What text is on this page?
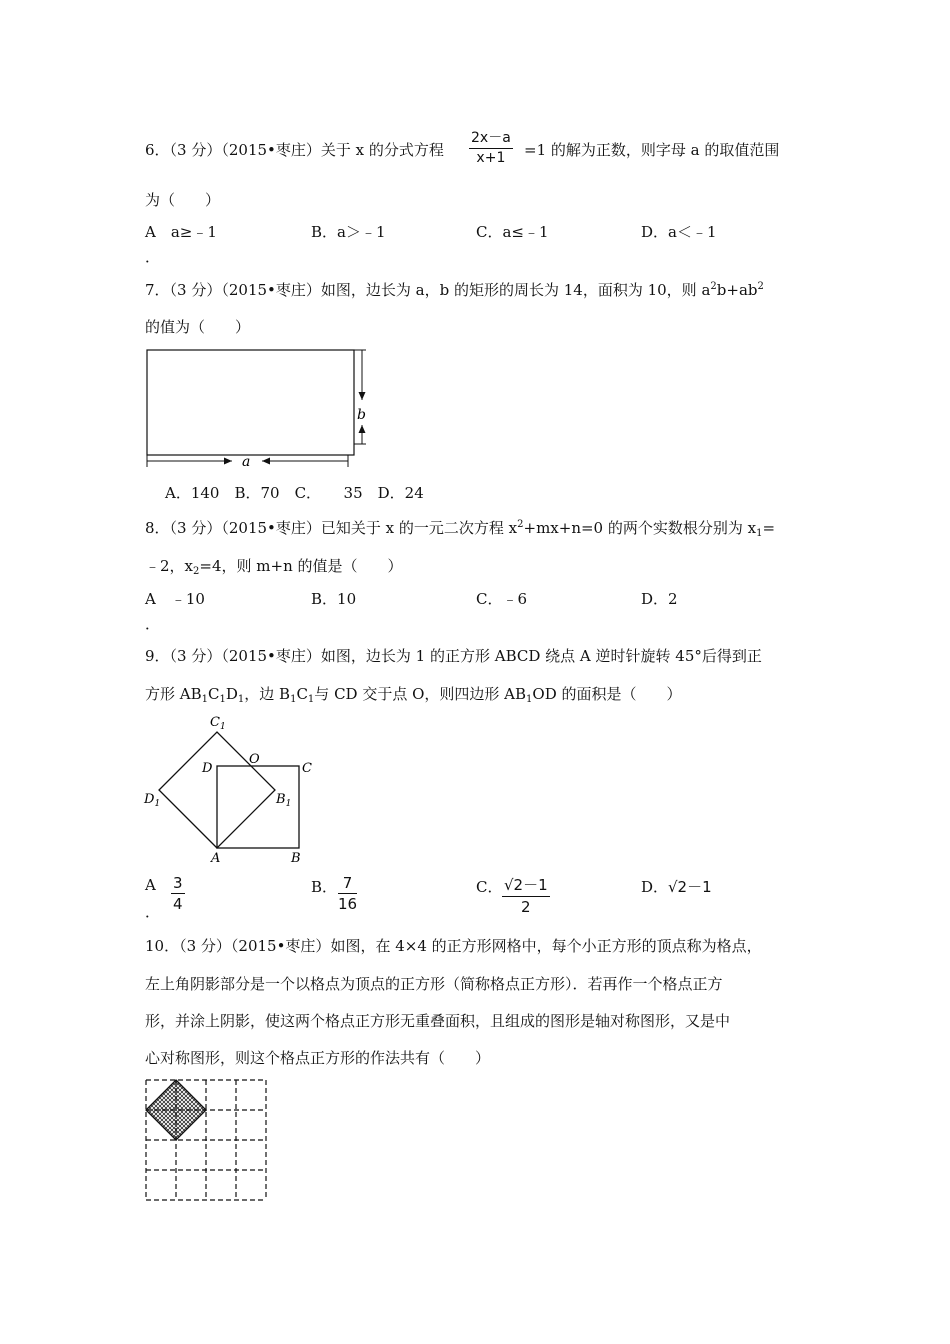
6．（3 分）（2015•枣庄）关于 x 的分式方程 $\frac{2x-a}{x+1} =1$ 的解为正数，则字母 a 的取值范围
为（　　）
A　a≥﹣1	B．a＞﹣1	C．a≤﹣1	D．a＜﹣1
．
7．（3 分）（2015•枣庄）如图，边长为 a，b 的矩形的周长为 14，面积为 10，则 $a^2b+ab^2$
的值为（　　）
a
b
A．140　B．70　C．　　35　D．24
8．（3 分）（2015•枣庄）已知关于 x 的一元二次方程 $x^2+mx+n=0$ 的两个实数根分别为 $x_1=$
﹣2，$x_2=4$，则 m+n 的值是（　　）
A　﹣10	B．10	C．﹣6	D．2
．
9．（3 分）（2015•枣庄）如图，边长为 1 的正方形 ABCD 绕点 A 逆时针旋转 45°后得到正
方形 $AB_1C_1D_1$，边 $B_1C_1$与 CD 交于点 O，则四边形 $AB_1OD$ 的面积是（　　）
$C_1$
D
O
C
$D_1$	$B_1$
A	B
A $\frac{3}{4}$
．
B． $\frac{7}{16}$	C． $\frac{√2-1}{2}$	D． √2－1
10．（3 分）（2015•枣庄）如图，在 4×4 的正方形网格中，每个小正方形的顶点称为格点，
左上角阴影部分是一个以格点为顶点的正方形（简称格点正方形）．若再作一个格点正方
形，并涂上阴影，使这两个格点正方形无重叠面积，且组成的图形是轴对称图形，又是中
心对称图形，则这个格点正方形的作法共有（　　）
